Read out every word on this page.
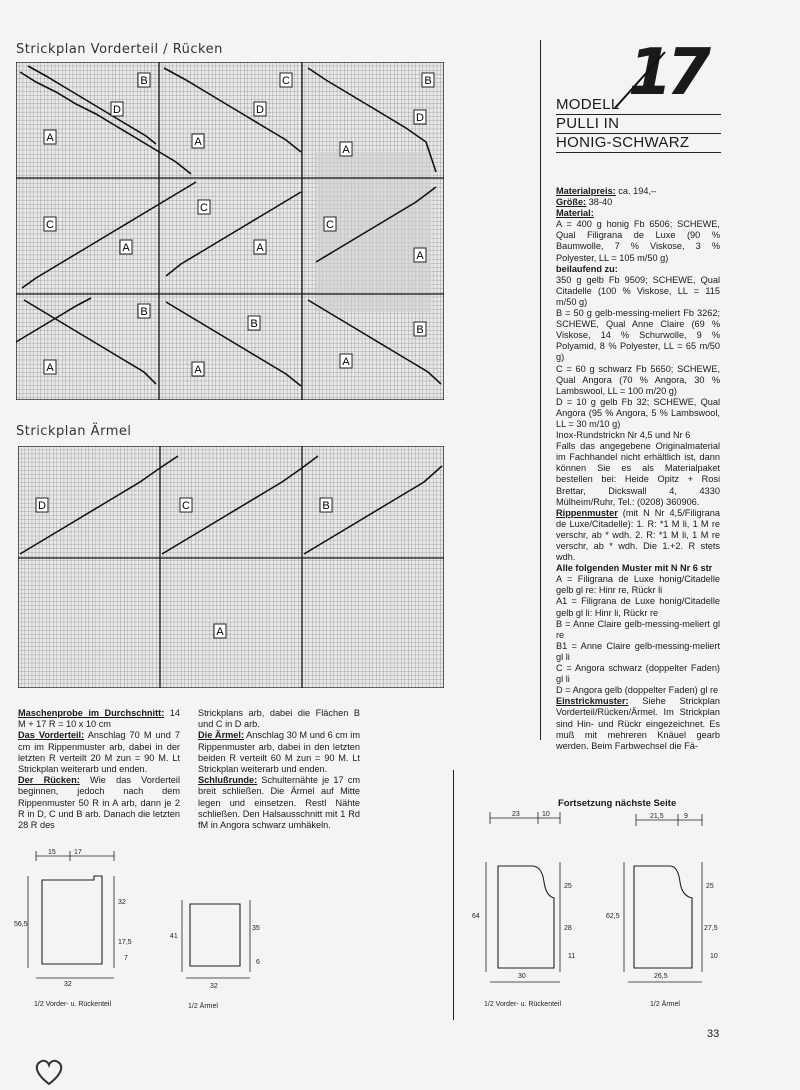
Strickplan Vorderteil / Rücken
B	C	B
D	D
D
A	A
A
C
C	C
A	A
A
B
B	B
A
A	A
Strickplan Ärmel
D	C	B
A
17
MODELL
PULLI IN
HONIG-SCHWARZ
Materialpreis: ca. 194,–
Größe: 38-40
Material:
A = 400 g honig Fb 6506; SCHEWE, Qual Filigrana de Luxe (90 % Baumwolle, 7 % Viskose, 3 % Polyester, LL = 105 m/50 g)
beilaufend zu:
350 g gelb Fb 9509; SCHEWE, Qual Citadelle (100 % Viskose, LL = 115 m/50 g)
B = 50 g gelb-messing-meliert Fb 3262; SCHEWE, Qual Anne Claire (69 % Viskose, 14 % Schurwolle, 9 % Polyamid, 8 % Polyester, LL = 65 m/50 g)
C = 60 g schwarz Fb 5650; SCHEWE, Qual Angora (70 % Angora, 30 % Lambswool, LL = 100 m/20 g)
D = 10 g gelb Fb 32; SCHEWE, Qual Angora (95 % Angora, 5 % Lambswool, LL = 30 m/10 g)
Inox-Rundstrickn Nr 4,5 und Nr 6
Falls das angegebene Originalmaterial im Fachhandel nicht erhältlich ist, dann können Sie es als Materialpaket bestellen bei: Heide Opitz + Rosi Brettar, Dickswall 4, 4330 Mülheim/Ruhr, Tel.: (0208) 360906.
Rippenmuster (mit N Nr 4,5/Filigrana de Luxe/Citadelle): 1. R: *1 M li, 1 M re verschr, ab * wdh. 2. R: *1 M li, 1 M re verschr, ab * wdh. Die 1.+2. R stets wdh.
Alle folgenden Muster mit N Nr 6 str
A = Filigrana de Luxe honig/Citadelle gelb gl re: Hinr re, Rückr li
A1 = Filigrana de Luxe honig/Citadelle gelb gl li: Hinr li, Rückr re
B = Anne Claire gelb-messing-meliert gl re
B1 = Anne Claire gelb-messing-meliert gl li
C = Angora schwarz (doppelter Faden) gl li
D = Angora gelb (doppelter Faden) gl re
Einstrickmuster: Siehe Strickplan Vorderteil/Rücken/Ärmel. Im Strickplan sind Hin- und Rückr eingezeichnet. Es muß mit mehreren Knäuel gearb werden. Beim Farbwechsel die Fä-
Fortsetzung nächste Seite
Maschenprobe im Durchschnitt: 14 M + 17 R = 10 x 10 cm
Das Vorderteil: Anschlag 70 M und 7 cm im Rippenmuster arb, dabei in der letzten R verteilt 20 M zun = 90 M. Lt Strickplan weiterarb und enden.
Der Rücken: Wie das Vorderteil beginnen, jedoch nach dem Rippenmuster 50 R in A arb, dann je 2 R in D, C und B arb. Danach die letzten 28 R des
Strickplans arb, dabei die Flächen B und C in D arb.
Die Ärmel: Anschlag 30 M und 6 cm im Rippenmuster arb, dabei in den letzten beiden R verteilt 60 M zun = 90 M. Lt Strickplan weiterarb und enden.
Schlußrunde: Schulternähte je 17 cm breit schließen. Die Ärmel auf Mitte legen und einsetzen. Restl Nähte schließen. Den Halsausschnitt mit 1 Rd fM in Angora schwarz umhäkeln.
15	17
56,5
32
17,5
7
32
1/2 Vorder- u. Rückenteil
41
35
6
32
1/2 Ärmel
23	10
64
25
28
11
30
1/2 Vorder- u. Rückenteil
21,5	9
62,5
25
27,5
10
26,5
1/2 Ärmel
33
